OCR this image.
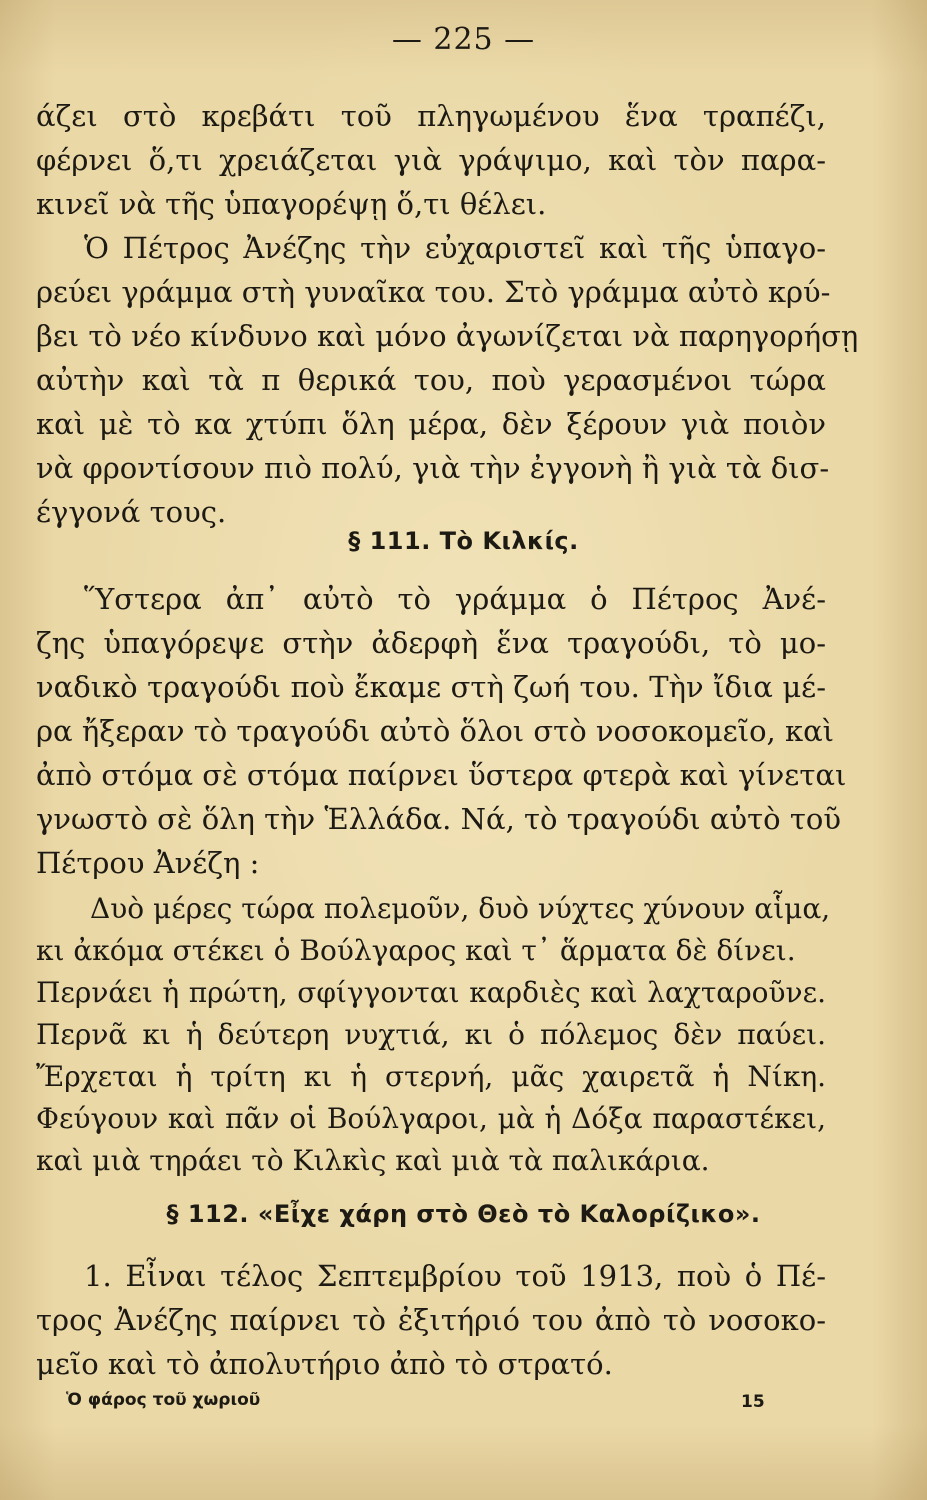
— 225 —
άζει στὸ κρεβάτι τοῦ πληγωμένου ἕνα τραπέζι,
φέρνει ὅ,τι χρειάζεται γιὰ γράψιμο, καὶ τὸν παρα-
κινεῖ νὰ τῆς ὑπαγορέψῃ ὅ,τι θέλει.
Ὁ Πέτρος Ἀνέζης τὴν εὐχαριστεῖ καὶ τῆς ὑπαγο-
ρεύει γράμμα στὴ γυναῖκα του. Στὸ γράμμα αὐτὸ κρύ-
βει τὸ νέο κίνδυνο καὶ μόνο ἀγωνίζεται νὰ παρηγορήσῃ
αὐτὴν καὶ τὰ π θερικά του, ποὺ γερασμένοι τώρα
καὶ μὲ τὸ κα χτύπι ὅλη μέρα, δὲν ξέρουν γιὰ ποιὸν
νὰ φροντίσουν πιὸ πολύ, γιὰ τὴν ἐγγονὴ ἢ γιὰ τὰ δισ-
έγγονά τους.
§ 111. Τὸ Κιλκίς.
Ὕστερα ἀπ᾽ αὐτὸ τὸ γράμμα ὁ Πέτρος Ἀνέ-
ζης ὑπαγόρεψε στὴν ἀδερφὴ ἕνα τραγούδι, τὸ μο-
ναδικὸ τραγούδι ποὺ ἔκαμε στὴ ζωή του. Τὴν ἴδια μέ-
ρα ἤξεραν τὸ τραγούδι αὐτὸ ὅλοι στὸ νοσοκομεῖο, καὶ
ἀπὸ στόμα σὲ στόμα παίρνει ὕστερα φτερὰ καὶ γίνεται
γνωστὸ σὲ ὅλη τὴν Ἑλλάδα. Νά, τὸ τραγούδι αὐτὸ τοῦ
Πέτρου Ἀνέζη :
Δυὸ μέρες τώρα πολεμοῦν, δυὸ νύχτες χύνουν αἷμα,
κι ἀκόμα στέκει ὁ Βούλγαρος καὶ τ᾽ ἅρματα δὲ δίνει.
Περνάει ἡ πρώτη, σφίγγονται καρδιὲς καὶ λαχταροῦνε.
Περνᾶ κι ἡ δεύτερη νυχτιά, κι ὁ πόλεμος δὲν παύει.
Ἔρχεται ἡ τρίτη κι ἡ στερνή, μᾶς χαιρετᾶ ἡ Νίκη.
Φεύγουν καὶ πᾶν οἱ Βούλγαροι, μὰ ἡ Δόξα παραστέκει,
καὶ μιὰ τηράει τὸ Κιλκὶς καὶ μιὰ τὰ παλικάρια.
§ 112. «Εἶχε χάρη στὸ Θεὸ τὸ Καλορίζικο».
1. Εἶναι τέλος Σεπτεμβρίου τοῦ 1913, ποὺ ὁ Πέ-
τρος Ἀνέζης παίρνει τὸ ἐξιτήριό του ἀπὸ τὸ νοσοκο-
μεῖο καὶ τὸ ἀπολυτήριο ἀπὸ τὸ στρατό.
Ὁ φάρος τοῦ χωριοῦ	15
